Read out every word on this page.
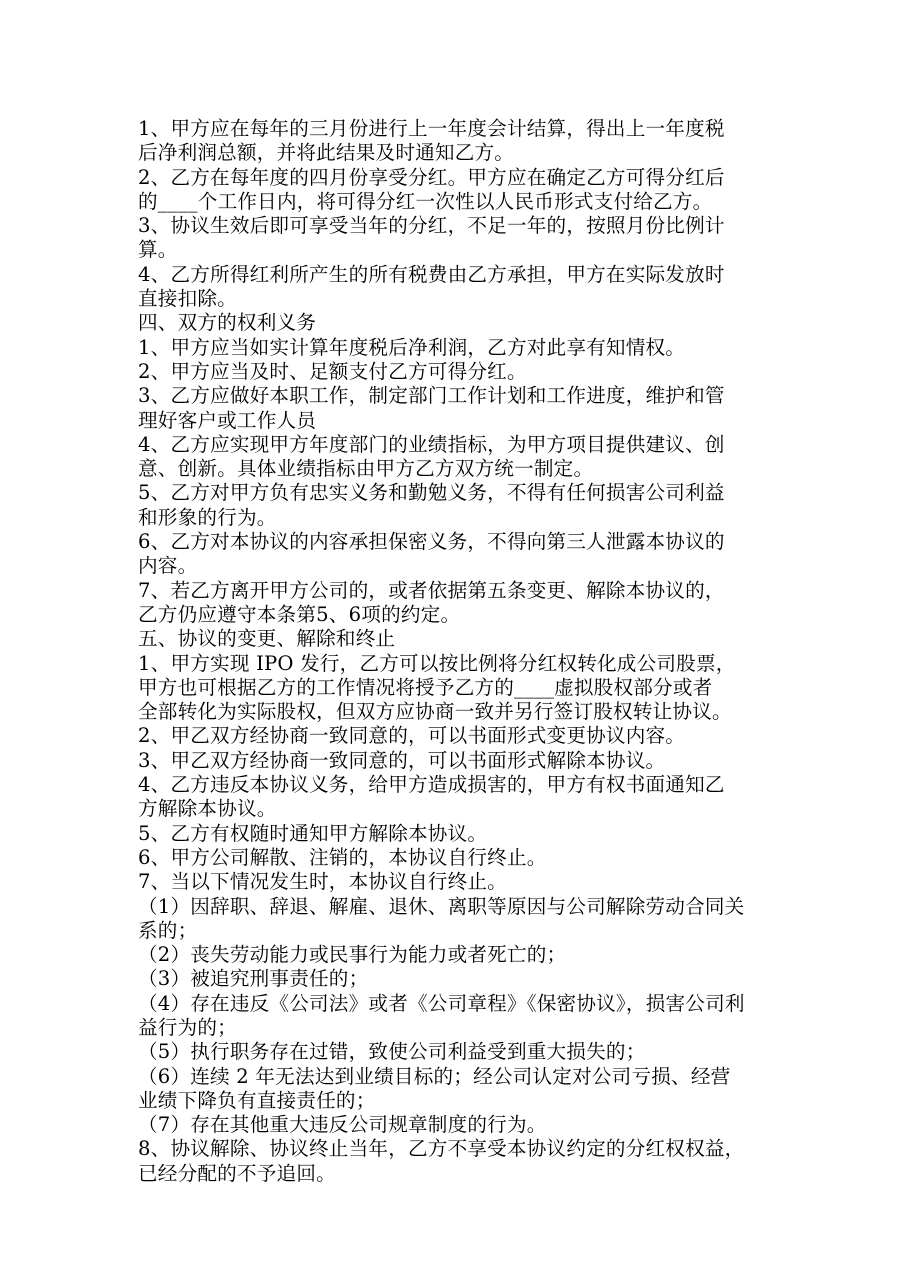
1、甲方应在每年的三月份进行上一年度会计结算，得出上一年度税
后净利润总额，并将此结果及时通知乙方。
2、乙方在每年度的四月份享受分红。甲方应在确定乙方可得分红后
的____个工作日内，将可得分红一次性以人民币形式支付给乙方。
3、协议生效后即可享受当年的分红，不足一年的，按照月份比例计
算。
4、乙方所得红利所产生的所有税费由乙方承担，甲方在实际发放时
直接扣除。
四、双方的权利义务
1、甲方应当如实计算年度税后净利润，乙方对此享有知情权。
2、甲方应当及时、足额支付乙方可得分红。
3、乙方应做好本职工作，制定部门工作计划和工作进度，维护和管
理好客户或工作人员
4、乙方应实现甲方年度部门的业绩指标，为甲方项目提供建议、创
意、创新。具体业绩指标由甲方乙方双方统一制定。
5、乙方对甲方负有忠实义务和勤勉义务，不得有任何损害公司利益
和形象的行为。
6、乙方对本协议的内容承担保密义务，不得向第三人泄露本协议的
内容。
7、若乙方离开甲方公司的，或者依据第五条变更、解除本协议的，
乙方仍应遵守本条第5、6项的约定。
五、协议的变更、解除和终止
1、甲方实现 IPO 发行，乙方可以按比例将分红权转化成公司股票，
甲方也可根据乙方的工作情况将授予乙方的____虚拟股权部分或者
全部转化为实际股权，但双方应协商一致并另行签订股权转让协议。
2、甲乙双方经协商一致同意的，可以书面形式变更协议内容。
3、甲乙双方经协商一致同意的，可以书面形式解除本协议。
4、乙方违反本协议义务，给甲方造成损害的，甲方有权书面通知乙
方解除本协议。
5、乙方有权随时通知甲方解除本协议。
6、甲方公司解散、注销的，本协议自行终止。
7、当以下情况发生时，本协议自行终止。
（1）因辞职、辞退、解雇、退休、离职等原因与公司解除劳动合同关
系的；
（2）丧失劳动能力或民事行为能力或者死亡的；
（3）被追究刑事责任的；
（4）存在违反《公司法》或者《公司章程》《保密协议》，损害公司利
益行为的；
（5）执行职务存在过错，致使公司利益受到重大损失的；
（6）连续 2 年无法达到业绩目标的；经公司认定对公司亏损、经营
业绩下降负有直接责任的；
（7）存在其他重大违反公司规章制度的行为。
8、协议解除、协议终止当年，乙方不享受本协议约定的分红权权益，
已经分配的不予追回。
